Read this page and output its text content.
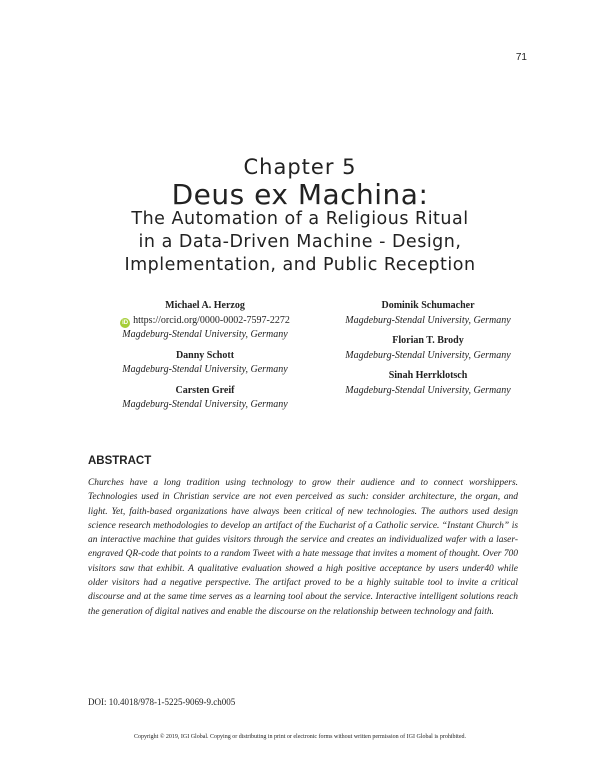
71
Chapter 5
Deus ex Machina:
The Automation of a Religious Ritual
in a Data-Driven Machine - Design,
Implementation, and Public Reception
Michael A. Herzog
iD https://orcid.org/0000-0002-7597-2272
Magdeburg-Stendal University, Germany
Danny Schott
Magdeburg-Stendal University, Germany
Carsten Greif
Magdeburg-Stendal University, Germany
Dominik Schumacher
Magdeburg-Stendal University, Germany
Florian T. Brody
Magdeburg-Stendal University, Germany
Sinah Herrklotsch
Magdeburg-Stendal University, Germany
ABSTRACT
Churches have a long tradition using technology to grow their audience and to connect worshippers. Technologies used in Christian service are not even perceived as such: consider architecture, the organ, and light. Yet, faith-based organizations have always been critical of new technologies. The authors used design science research methodologies to develop an artifact of the Eucharist of a Catholic service. “Instant Church” is an interactive machine that guides visitors through the service and creates an individualized wafer with a laser-engraved QR-code that points to a random Tweet with a hate message that invites a moment of thought. Over 700 visitors saw that exhibit. A qualitative evaluation showed a high positive acceptance by users under40 while older visitors had a negative perspective. The artifact proved to be a highly suitable tool to invite a critical discourse and at the same time serves as a learning tool about the service. Interactive intelligent solutions reach the generation of digital natives and enable the discourse on the relationship between technology and faith.
DOI: 10.4018/978-1-5225-9069-9.ch005
Copyright © 2019, IGI Global. Copying or distributing in print or electronic forms without written permission of IGI Global is prohibited.
